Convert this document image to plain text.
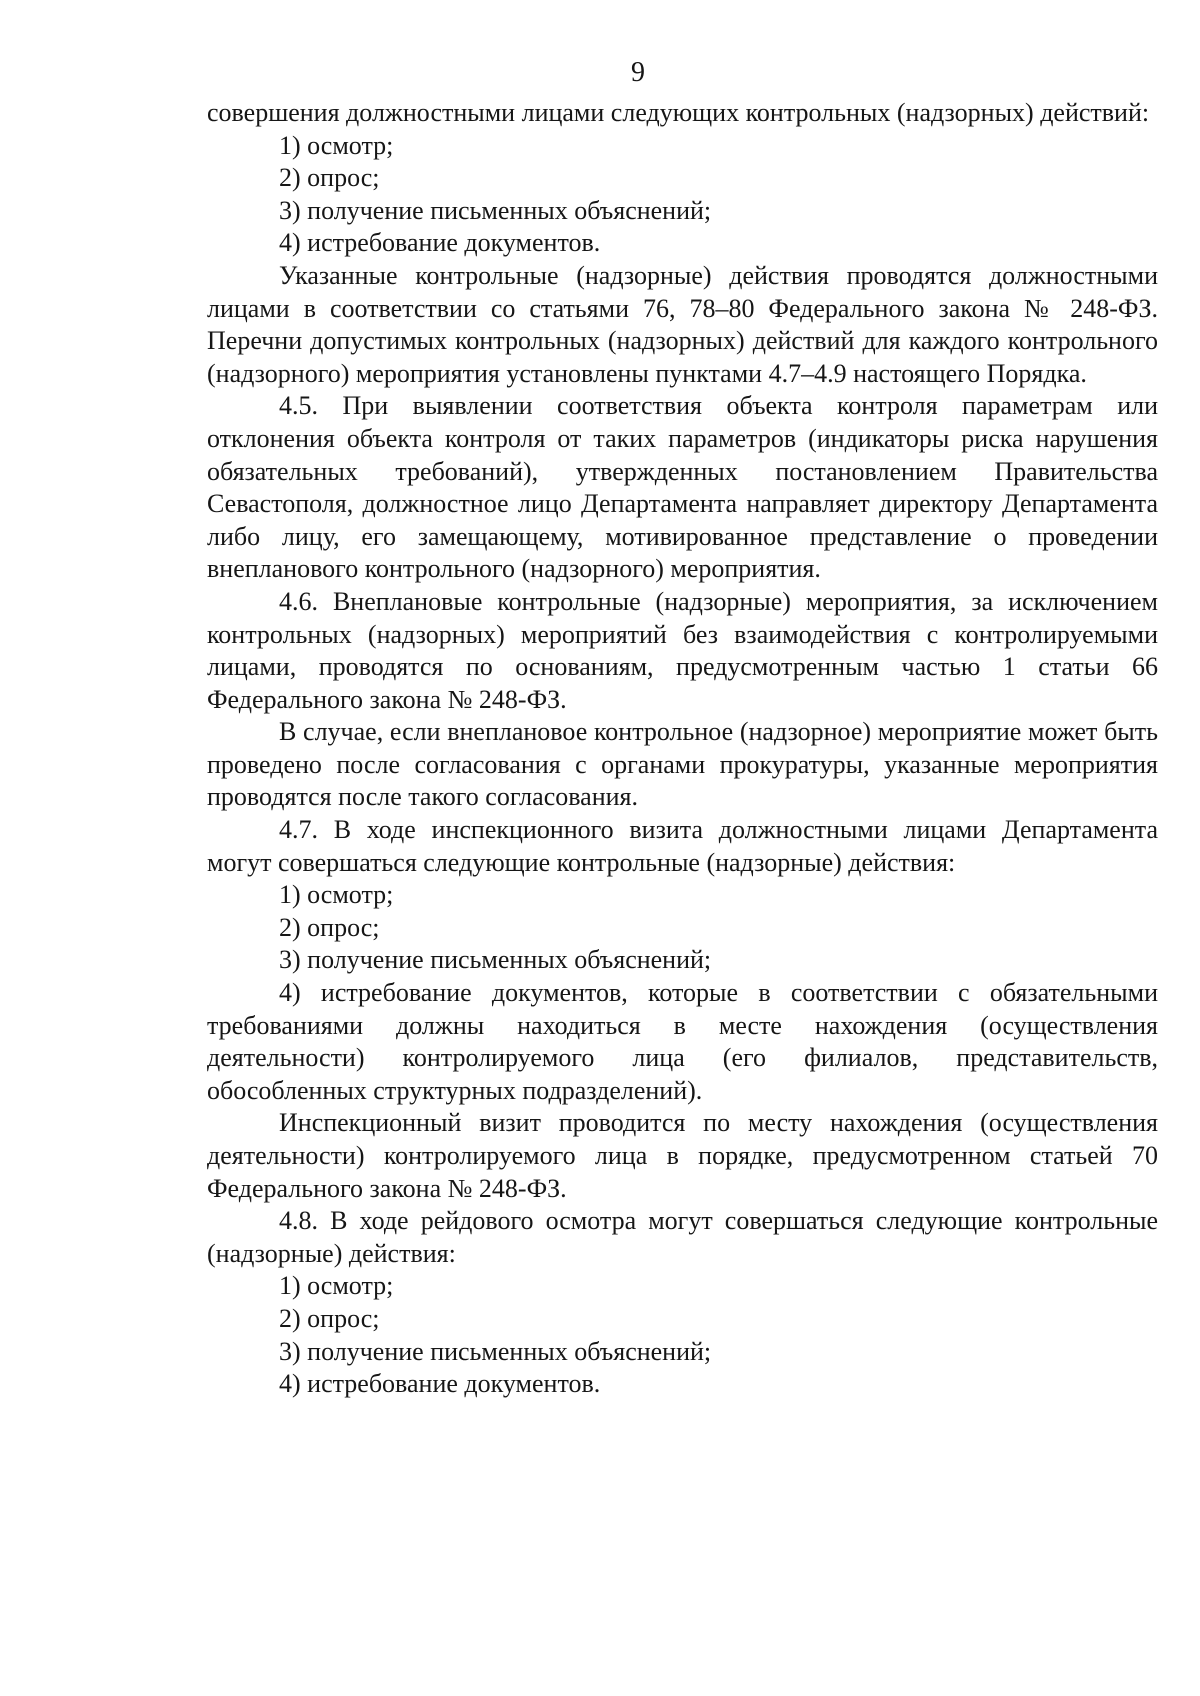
9

совершения должностными лицами следующих контрольных (надзорных) действий:

1) осмотр;

2) опрос;

3) получение письменных объяснений;

4) истребование документов.

Указанные контрольные (надзорные) действия проводятся должностными лицами в соответствии со статьями 76, 78–80 Федерального закона № 248-ФЗ. Перечни допустимых контрольных (надзорных) действий для каждого контрольного (надзорного) мероприятия установлены пунктами 4.7–4.9 настоящего Порядка.

4.5. При выявлении соответствия объекта контроля параметрам или отклонения объекта контроля от таких параметров (индикаторы риска нарушения обязательных требований), утвержденных постановлением Правительства Севастополя, должностное лицо Департамента направляет директору Департамента либо лицу, его замещающему, мотивированное представление о проведении внепланового контрольного (надзорного) мероприятия.

4.6. Внеплановые контрольные (надзорные) мероприятия, за исключением контрольных (надзорных) мероприятий без взаимодействия с контролируемыми лицами, проводятся по основаниям, предусмотренным частью 1 статьи 66 Федерального закона № 248-ФЗ.

В случае, если внеплановое контрольное (надзорное) мероприятие может быть проведено после согласования с органами прокуратуры, указанные мероприятия проводятся после такого согласования.

4.7. В ходе инспекционного визита должностными лицами Департамента могут совершаться следующие контрольные (надзорные) действия:

1) осмотр;

2) опрос;

3) получение письменных объяснений;

4) истребование документов, которые в соответствии с обязательными требованиями должны находиться в месте нахождения (осуществления деятельности) контролируемого лица (его филиалов, представительств, обособленных структурных подразделений).

Инспекционный визит проводится по месту нахождения (осуществления деятельности) контролируемого лица в порядке, предусмотренном статьей 70 Федерального закона № 248-ФЗ.

4.8. В ходе рейдового осмотра могут совершаться следующие контрольные (надзорные) действия:

1) осмотр;

2) опрос;

3) получение письменных объяснений;

4) истребование документов.
